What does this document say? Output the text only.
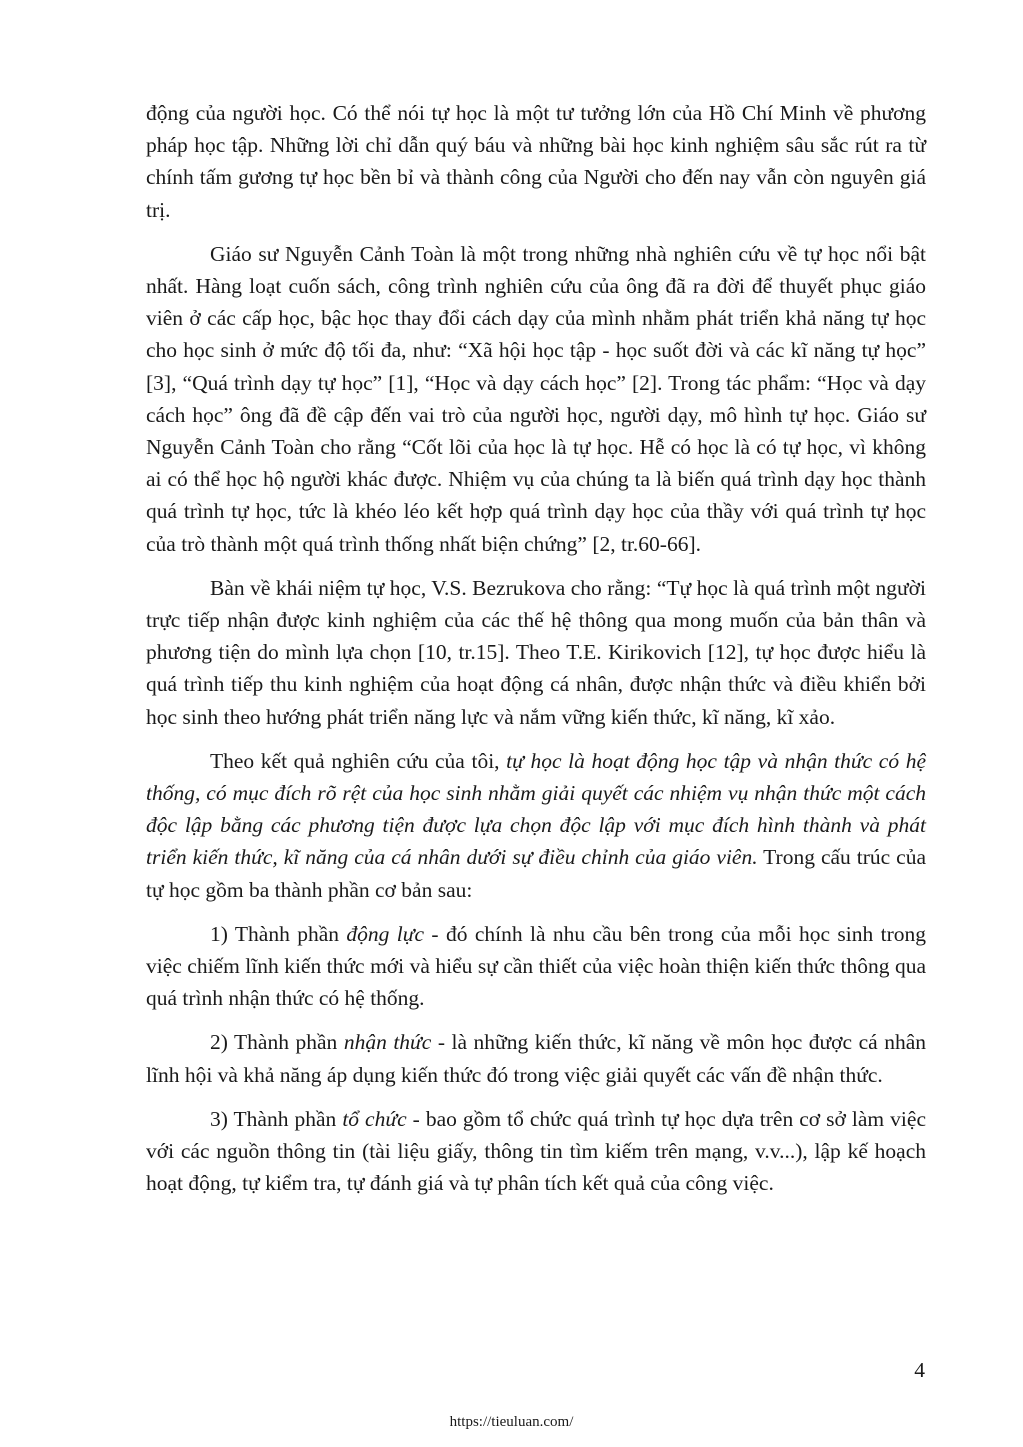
động của người học. Có thể nói tự học là một tư tưởng lớn của Hồ Chí Minh về phương pháp học tập. Những lời chỉ dẫn quý báu và những bài học kinh nghiệm sâu sắc rút ra từ chính tấm gương tự học bền bỉ và thành công của Người cho đến nay vẫn còn nguyên giá trị.

Giáo sư Nguyễn Cảnh Toàn là một trong những nhà nghiên cứu về tự học nổi bật nhất. Hàng loạt cuốn sách, công trình nghiên cứu của ông đã ra đời để thuyết phục giáo viên ở các cấp học, bậc học thay đổi cách dạy của mình nhằm phát triển khả năng tự học cho học sinh ở mức độ tối đa, như: “Xã hội học tập - học suốt đời và các kĩ năng tự học” [3], “Quá trình dạy tự học” [1], “Học và dạy cách học” [2]. Trong tác phẩm: “Học và dạy cách học” ông đã đề cập đến vai trò của người học, người dạy, mô hình tự học. Giáo sư Nguyễn Cảnh Toàn cho rằng “Cốt lõi của học là tự học. Hễ có học là có tự học, vì không ai có thể học hộ người khác được. Nhiệm vụ của chúng ta là biến quá trình dạy học thành quá trình tự học, tức là khéo léo kết hợp quá trình dạy học của thầy với quá trình tự học của trò thành một quá trình thống nhất biện chứng” [2, tr.60-66].

Bàn về khái niệm tự học, V.S. Bezrukova cho rằng: “Tự học là quá trình một người trực tiếp nhận được kinh nghiệm của các thế hệ thông qua mong muốn của bản thân và phương tiện do mình lựa chọn [10, tr.15]. Theo T.E. Kirikovich [12], tự học được hiểu là quá trình tiếp thu kinh nghiệm của hoạt động cá nhân, được nhận thức và điều khiển bởi học sinh theo hướng phát triển năng lực và nắm vững kiến thức, kĩ năng, kĩ xảo.

Theo kết quả nghiên cứu của tôi, tự học là hoạt động học tập và nhận thức có hệ thống, có mục đích rõ rệt của học sinh nhằm giải quyết các nhiệm vụ nhận thức một cách độc lập bằng các phương tiện được lựa chọn độc lập với mục đích hình thành và phát triển kiến thức, kĩ năng của cá nhân dưới sự điều chỉnh của giáo viên. Trong cấu trúc của tự học gồm ba thành phần cơ bản sau:

1) Thành phần động lực - đó chính là nhu cầu bên trong của mỗi học sinh trong việc chiếm lĩnh kiến thức mới và hiểu sự cần thiết của việc hoàn thiện kiến thức thông qua quá trình nhận thức có hệ thống.

2) Thành phần nhận thức - là những kiến thức, kĩ năng về môn học được cá nhân lĩnh hội và khả năng áp dụng kiến thức đó trong việc giải quyết các vấn đề nhận thức.

3) Thành phần tổ chức - bao gồm tổ chức quá trình tự học dựa trên cơ sở làm việc với các nguồn thông tin (tài liệu giấy, thông tin tìm kiếm trên mạng, v.v...), lập kế hoạch hoạt động, tự kiểm tra, tự đánh giá và tự phân tích kết quả của công việc.

4
https://tieuluan.com/
